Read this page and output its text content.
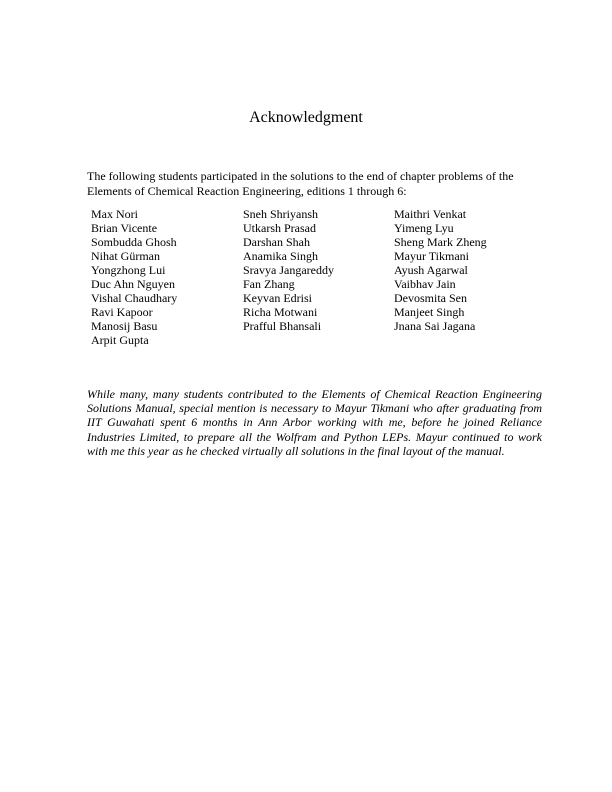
Acknowledgment
The following students participated in the solutions to the end of chapter problems of the Elements of Chemical Reaction Engineering, editions 1 through 6:
Max Nori
Brian Vicente
Sombudda Ghosh
Nihat Gürman
Yongzhong Lui
Duc Ahn Nguyen
Vishal Chaudhary
Ravi Kapoor
Manosij Basu
Arpit Gupta
Sneh Shriyansh
Utkarsh Prasad
Darshan Shah
Anamika Singh
Sravya Jangareddy
Fan Zhang
Keyvan Edrisi
Richa Motwani
Prafful Bhansali
Maithri Venkat
Yimeng Lyu
Sheng Mark Zheng
Mayur Tikmani
Ayush Agarwal
Vaibhav Jain
Devosmita Sen
Manjeet Singh
Jnana Sai Jagana
While many, many students contributed to the Elements of Chemical Reaction Engineering Solutions Manual, special mention is necessary to Mayur Tikmani who after graduating from IIT Guwahati spent 6 months in Ann Arbor working with me, before he joined Reliance Industries Limited, to prepare all the Wolfram and Python LEPs. Mayur continued to work with me this year as he checked virtually all solutions in the final layout of the manual.
